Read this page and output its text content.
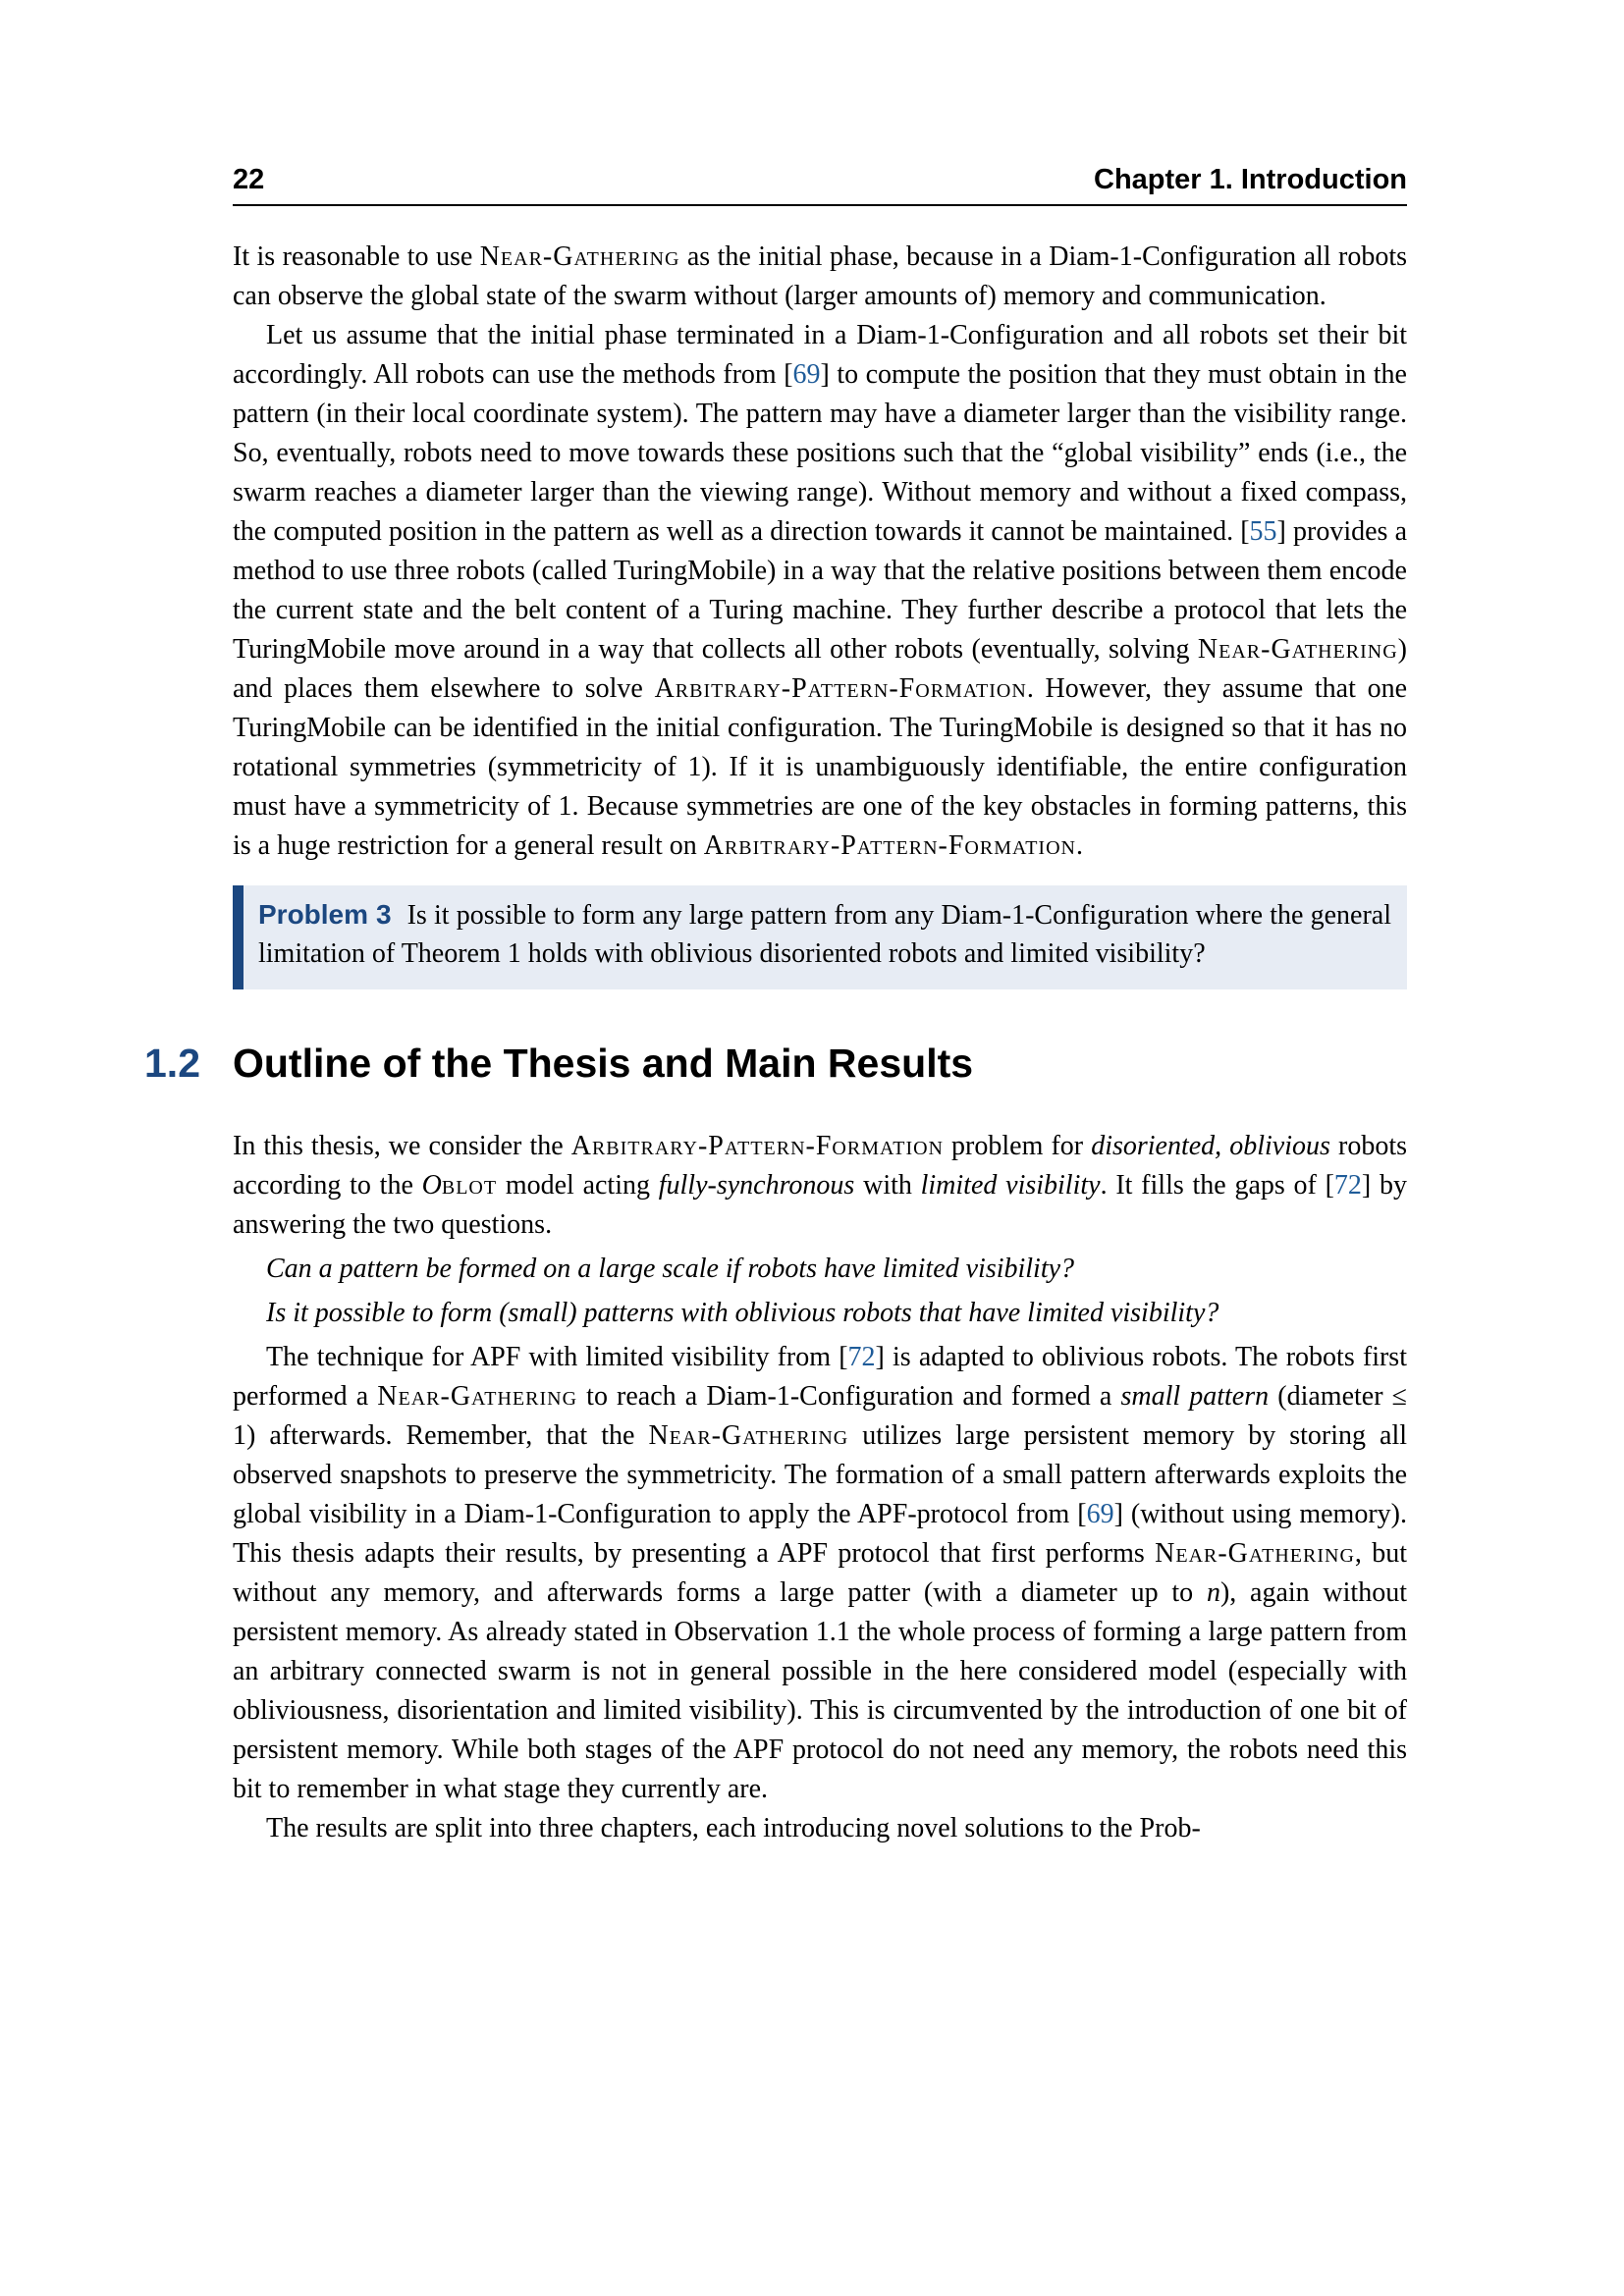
22	Chapter 1. Introduction

It is reasonable to use Near-Gathering as the initial phase, because in a Diam-1-Configuration all robots can observe the global state of the swarm without (larger amounts of) memory and communication.

Let us assume that the initial phase terminated in a Diam-1-Configuration and all robots set their bit accordingly. All robots can use the methods from [69] to compute the position that they must obtain in the pattern (in their local coordinate system). The pattern may have a diameter larger than the visibility range. So, eventually, robots need to move towards these positions such that the “global visibility” ends (i.e., the swarm reaches a diameter larger than the viewing range). Without memory and without a fixed compass, the computed position in the pattern as well as a direction towards it cannot be maintained. [55] provides a method to use three robots (called TuringMobile) in a way that the relative positions between them encode the current state and the belt content of a Turing machine. They further describe a protocol that lets the TuringMobile move around in a way that collects all other robots (eventually, solving Near-Gathering) and places them elsewhere to solve Arbitrary-Pattern-Formation. However, they assume that one TuringMobile can be identified in the initial configuration. The TuringMobile is designed so that it has no rotational symmetries (symmetricity of 1). If it is unambiguously identifiable, the entire configuration must have a symmetricity of 1. Because symmetries are one of the key obstacles in forming patterns, this is a huge restriction for a general result on Arbitrary-Pattern-Formation.

Problem 3 Is it possible to form any large pattern from any Diam-1-Configuration where the general limitation of Theorem 1 holds with oblivious disoriented robots and limited visibility?

1.2 Outline of the Thesis and Main Results

In this thesis, we consider the Arbitrary-Pattern-Formation problem for disoriented, oblivious robots according to the Oblot model acting fully-synchronous with limited visibility. It fills the gaps of [72] by answering the two questions.

Can a pattern be formed on a large scale if robots have limited visibility?

Is it possible to form (small) patterns with oblivious robots that have limited visibility?

The technique for APF with limited visibility from [72] is adapted to oblivious robots. The robots first performed a Near-Gathering to reach a Diam-1-Configuration and formed a small pattern (diameter ≤ 1) afterwards. Remember, that the Near-Gathering utilizes large persistent memory by storing all observed snapshots to preserve the symmetricity. The formation of a small pattern afterwards exploits the global visibility in a Diam-1-Configuration to apply the APF-protocol from [69] (without using memory). This thesis adapts their results, by presenting a APF protocol that first performs Near-Gathering, but without any memory, and afterwards forms a large patter (with a diameter up to n), again without persistent memory. As already stated in Observation 1.1 the whole process of forming a large pattern from an arbitrary connected swarm is not in general possible in the here considered model (especially with obliviousness, disorientation and limited visibility). This is circumvented by the introduction of one bit of persistent memory. While both stages of the APF protocol do not need any memory, the robots need this bit to remember in what stage they currently are.

The results are split into three chapters, each introducing novel solutions to the Prob-
